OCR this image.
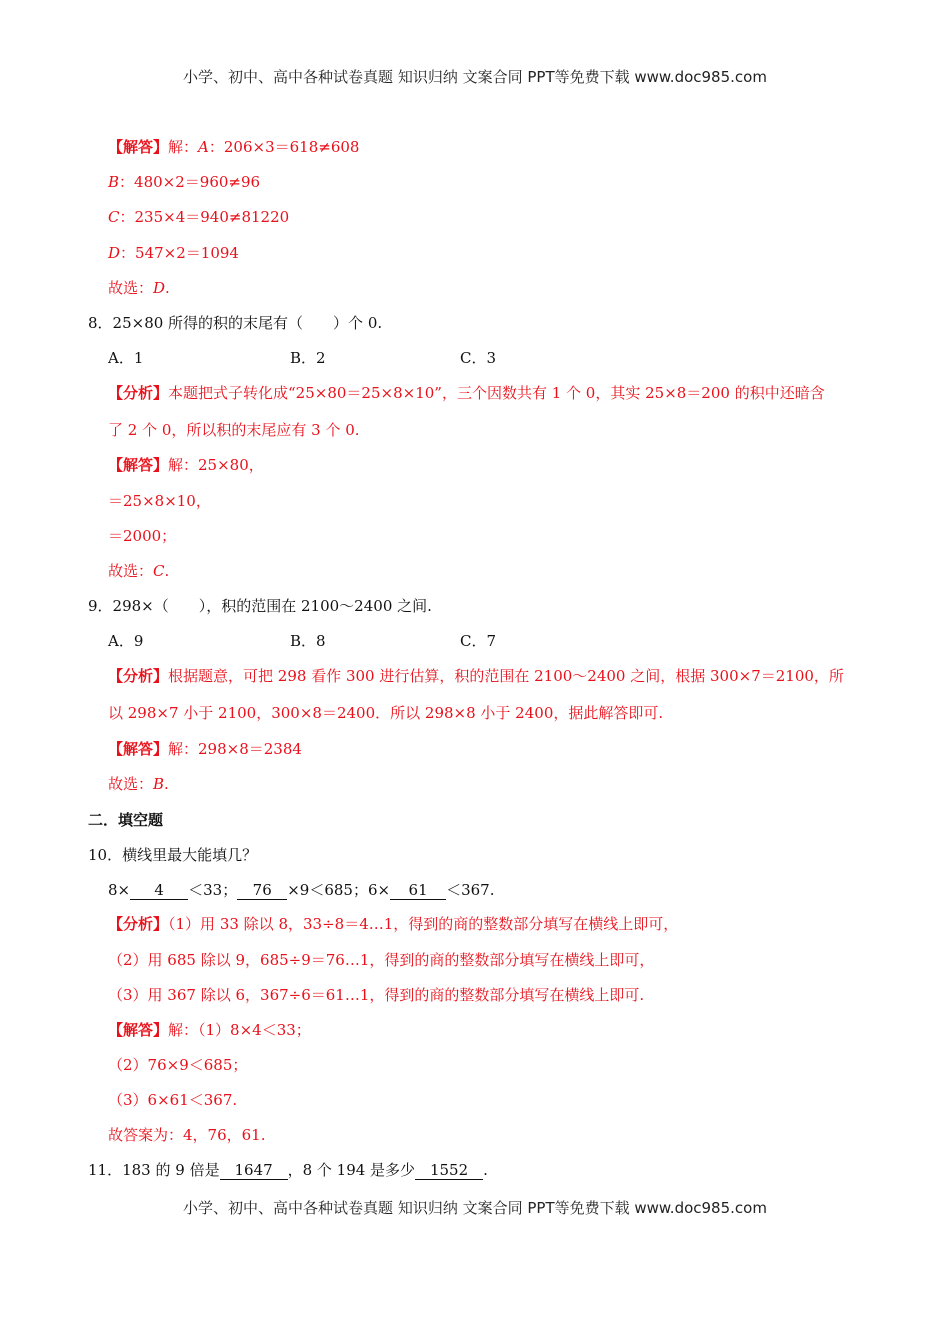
小学、初中、高中各种试卷真题 知识归纳 文案合同 PPT等免费下载 www.doc985.com
【解答】解：A：206×3＝618≠608
B：480×2＝960≠96
C：235×4＝940≠81220
D：547×2＝1094
故选：D.
8．25×80 所得的积的末尾有（　　）个 0.
A．1	B．2	C．3
【分析】本题把式子转化成“25×80＝25×8×10”，三个因数共有 1 个 0，其实 25×8＝200 的积中还暗含
了 2 个 0，所以积的末尾应有 3 个 0.
【解答】解：25×80，
＝25×8×10，
＝2000；
故选：C.
9．298×（　　），积的范围在 2100～2400 之间.
A．9	B．8	C．7
【分析】根据题意，可把 298 看作 300 进行估算，积的范围在 2100～2400 之间，根据 300×7＝2100，所
以 298×7 小于 2100，300×8＝2400．所以 298×8 小于 2400，据此解答即可.
【解答】解：298×8＝2384
故选：B.
二．填空题
10．横线里最大能填几？
8× 4 ＜33； 76 ×9＜685；6× 61 ＜367.
【分析】（1）用 33 除以 8，33÷8＝4…1，得到的商的整数部分填写在横线上即可，
（2）用 685 除以 9，685÷9＝76…1，得到的商的整数部分填写在横线上即可，
（3）用 367 除以 6，367÷6＝61…1，得到的商的整数部分填写在横线上即可.
【解答】解：（1）8×4＜33；
（2）76×9＜685；
（3）6×61＜367.
故答案为：4，76，61.
11．183 的 9 倍是 1647 ，8 个 194 是多少 1552 .
小学、初中、高中各种试卷真题 知识归纳 文案合同 PPT等免费下载 www.doc985.com
